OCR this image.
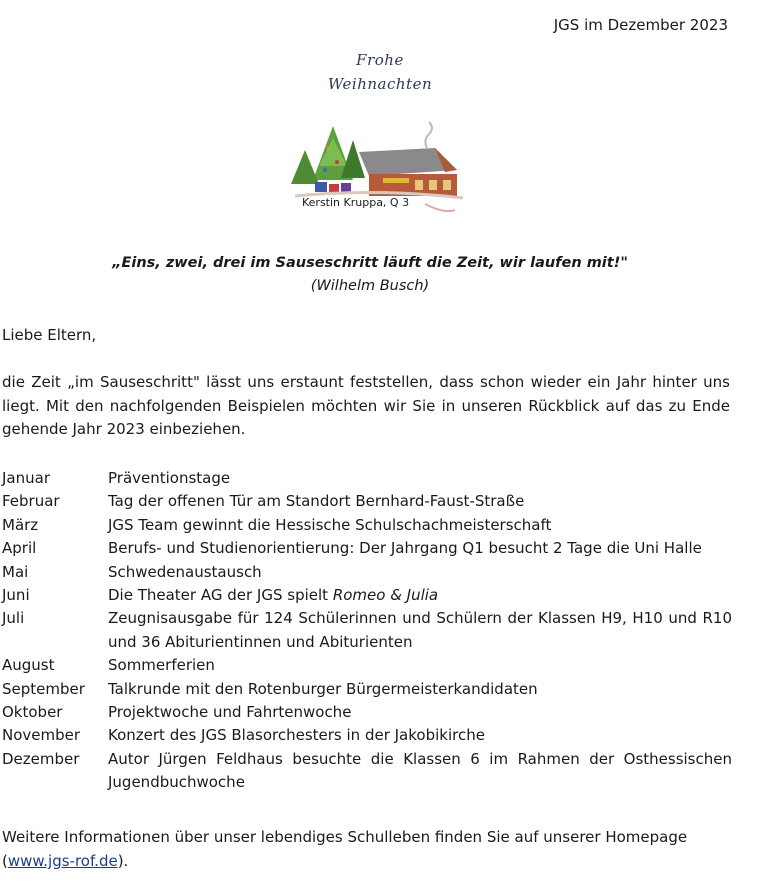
JGS im Dezember 2023
Frohe
Weihnachten
Kerstin Kruppa, Q 3
„Eins, zwei, drei im Sauseschritt läuft die Zeit, wir laufen mit!"
(Wilhelm Busch)
Liebe Eltern,
die Zeit „im Sauseschritt" lässt uns erstaunt feststellen, dass schon wieder ein Jahr hinter uns liegt. Mit den nachfolgenden Beispielen möchten wir Sie in unseren Rückblick auf das zu Ende gehende Jahr 2023 einbeziehen.
Januar	Präventionstage
Februar	Tag der offenen Tür am Standort Bernhard-Faust-Straße
März	JGS Team gewinnt die Hessische Schulschachmeisterschaft
April	Berufs- und Studienorientierung: Der Jahrgang Q1 besucht 2 Tage die Uni Halle
Mai	Schwedenaustausch
Juni	Die Theater AG der JGS spielt Romeo & Julia
Juli	Zeugnisausgabe für 124 Schülerinnen und Schülern der Klassen H9, H10 und R10 und 36 Abiturientinnen und Abiturienten
August	Sommerferien
September	Talkrunde mit den Rotenburger Bürgermeisterkandidaten
Oktober	Projektwoche und Fahrtenwoche
November	Konzert des JGS Blasorchesters in der Jakobikirche
Dezember	Autor Jürgen Feldhaus besuchte die Klassen 6 im Rahmen der Osthessischen Jugendbuchwoche
Weitere Informationen über unser lebendiges Schulleben finden Sie auf unserer Homepage
(www.jgs-rof.de).
